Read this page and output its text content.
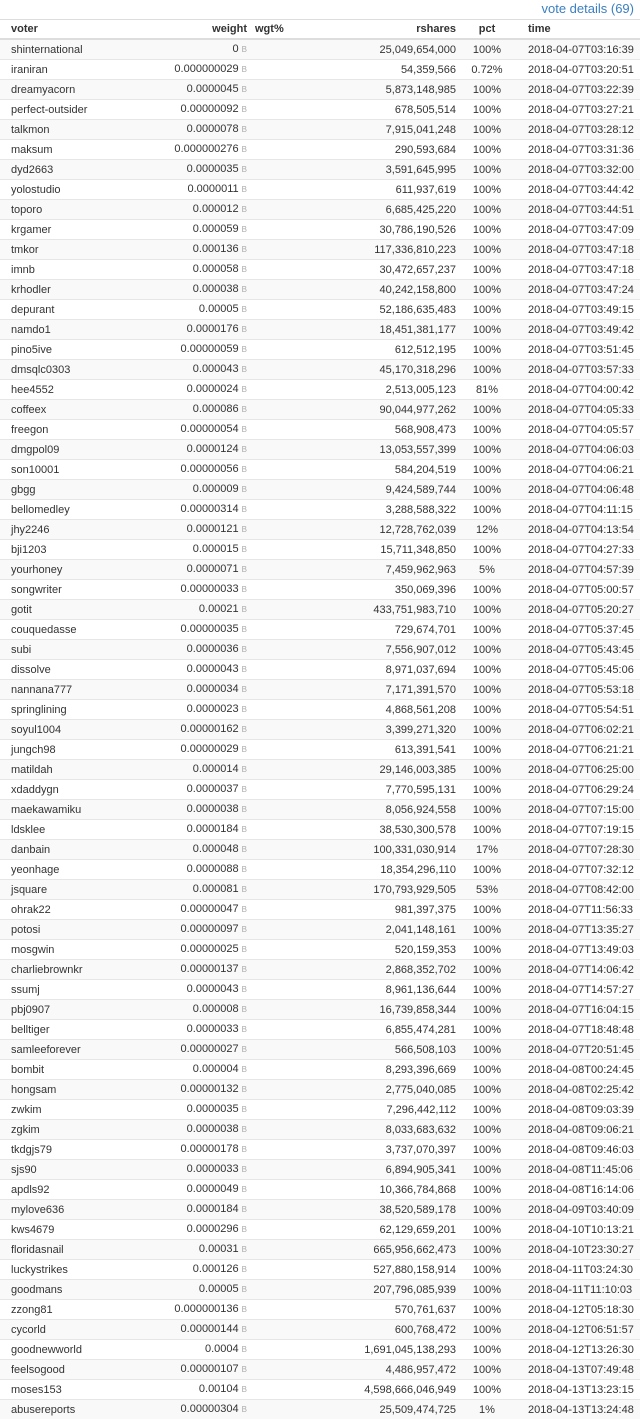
vote details (69)
voter	weight	wgt%	rshares	pct	time
shinternational	0 B		25,049,654,000	100%	2018-04-07T03:16:39
iraniran	0.000000029 B		54,359,566	0.72%	2018-04-07T03:20:51
dreamyacorn	0.0000045 B		5,873,148,985	100%	2018-04-07T03:22:39
perfect-outsider	0.00000092 B		678,505,514	100%	2018-04-07T03:27:21
talkmon	0.0000078 B		7,915,041,248	100%	2018-04-07T03:28:12
maksum	0.000000276 B		290,593,684	100%	2018-04-07T03:31:36
dyd2663	0.0000035 B		3,591,645,995	100%	2018-04-07T03:32:00
yolostudio	0.0000011 B		611,937,619	100%	2018-04-07T03:44:42
toporo	0.000012 B		6,685,425,220	100%	2018-04-07T03:44:51
krgamer	0.000059 B		30,786,190,526	100%	2018-04-07T03:47:09
tmkor	0.000136 B		117,336,810,223	100%	2018-04-07T03:47:18
imnb	0.000058 B		30,472,657,237	100%	2018-04-07T03:47:18
krhodler	0.000038 B		40,242,158,800	100%	2018-04-07T03:47:24
depurant	0.00005 B		52,186,635,483	100%	2018-04-07T03:49:15
namdo1	0.0000176 B		18,451,381,177	100%	2018-04-07T03:49:42
pino5ive	0.00000059 B		612,512,195	100%	2018-04-07T03:51:45
dmsqlc0303	0.000043 B		45,170,318,296	100%	2018-04-07T03:57:33
hee4552	0.0000024 B		2,513,005,123	81%	2018-04-07T04:00:42
coffeex	0.000086 B		90,044,977,262	100%	2018-04-07T04:05:33
freegon	0.00000054 B		568,908,473	100%	2018-04-07T04:05:57
dmgpol09	0.0000124 B		13,053,557,399	100%	2018-04-07T04:06:03
son10001	0.00000056 B		584,204,519	100%	2018-04-07T04:06:21
gbgg	0.000009 B		9,424,589,744	100%	2018-04-07T04:06:48
bellomedley	0.00000314 B		3,288,588,322	100%	2018-04-07T04:11:15
jhy2246	0.0000121 B		12,728,762,039	12%	2018-04-07T04:13:54
bji1203	0.000015 B		15,711,348,850	100%	2018-04-07T04:27:33
yourhoney	0.0000071 B		7,459,962,963	5%	2018-04-07T04:57:39
songwriter	0.00000033 B		350,069,396	100%	2018-04-07T05:00:57
gotit	0.00021 B		433,751,983,710	100%	2018-04-07T05:20:27
couquedasse	0.00000035 B		729,674,701	100%	2018-04-07T05:37:45
subi	0.0000036 B		7,556,907,012	100%	2018-04-07T05:43:45
dissolve	0.0000043 B		8,971,037,694	100%	2018-04-07T05:45:06
nannana777	0.0000034 B		7,171,391,570	100%	2018-04-07T05:53:18
springlining	0.0000023 B		4,868,561,208	100%	2018-04-07T05:54:51
soyul1004	0.00000162 B		3,399,271,320	100%	2018-04-07T06:02:21
jungch98	0.00000029 B		613,391,541	100%	2018-04-07T06:21:21
matildah	0.000014 B		29,146,003,385	100%	2018-04-07T06:25:00
xdaddygn	0.0000037 B		7,770,595,131	100%	2018-04-07T06:29:24
maekawamiku	0.0000038 B		8,056,924,558	100%	2018-04-07T07:15:00
ldsklee	0.0000184 B		38,530,300,578	100%	2018-04-07T07:19:15
danbain	0.000048 B		100,331,030,914	17%	2018-04-07T07:28:30
yeonhage	0.0000088 B		18,354,296,110	100%	2018-04-07T07:32:12
jsquare	0.000081 B		170,793,929,505	53%	2018-04-07T08:42:00
ohrak22	0.00000047 B		981,397,375	100%	2018-04-07T11:56:33
potosi	0.00000097 B		2,041,148,161	100%	2018-04-07T13:35:27
mosgwin	0.00000025 B		520,159,353	100%	2018-04-07T13:49:03
charliebrownkr	0.00000137 B		2,868,352,702	100%	2018-04-07T14:06:42
ssumj	0.0000043 B		8,961,136,644	100%	2018-04-07T14:57:27
pbj0907	0.000008 B		16,739,858,344	100%	2018-04-07T16:04:15
belltiger	0.0000033 B		6,855,474,281	100%	2018-04-07T18:48:48
samleeforever	0.00000027 B		566,508,103	100%	2018-04-07T20:51:45
bombit	0.000004 B		8,293,396,669	100%	2018-04-08T00:24:45
hongsam	0.00000132 B		2,775,040,085	100%	2018-04-08T02:25:42
zwkim	0.0000035 B		7,296,442,112	100%	2018-04-08T09:03:39
zgkim	0.0000038 B		8,033,683,632	100%	2018-04-08T09:06:21
tkdgjs79	0.00000178 B		3,737,070,397	100%	2018-04-08T09:46:03
sjs90	0.0000033 B		6,894,905,341	100%	2018-04-08T11:45:06
apdls92	0.0000049 B		10,366,784,868	100%	2018-04-08T16:14:06
mylove636	0.0000184 B		38,520,589,178	100%	2018-04-09T03:40:09
kws4679	0.0000296 B		62,129,659,201	100%	2018-04-10T10:13:21
floridasnail	0.00031 B		665,956,662,473	100%	2018-04-10T23:30:27
luckystrikes	0.000126 B		527,880,158,914	100%	2018-04-11T03:24:30
goodmans	0.00005 B		207,796,085,939	100%	2018-04-11T11:10:03
zzong81	0.000000136 B		570,761,637	100%	2018-04-12T05:18:30
cycorld	0.00000144 B		600,768,472	100%	2018-04-12T06:51:57
goodnewworld	0.0004 B		1,691,045,138,293	100%	2018-04-12T13:26:30
feelsogood	0.00000107 B		4,486,957,472	100%	2018-04-13T07:49:48
moses153	0.00104 B		4,598,666,046,949	100%	2018-04-13T13:23:15
abusereports	0.00000304 B		25,509,474,725	1%	2018-04-13T13:24:48
